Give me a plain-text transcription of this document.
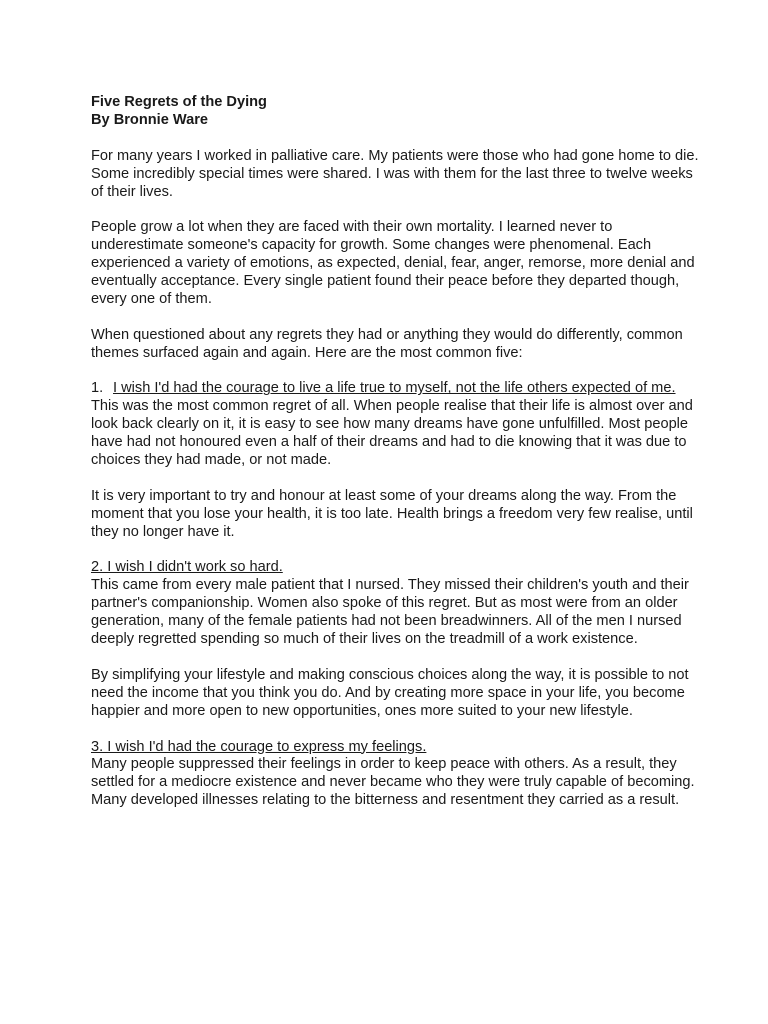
Five Regrets of the Dying

By Bronnie Ware

For many years I worked in palliative care. My patients were those who had gone home to die. Some incredibly special times were shared. I was with them for the last three to twelve weeks of their lives.

People grow a lot when they are faced with their own mortality. I learned never to underestimate someone's capacity for growth. Some changes were phenomenal. Each experienced a variety of emotions, as expected, denial, fear, anger, remorse, more denial and eventually acceptance. Every single patient found their peace before they departed though, every one of them.

When questioned about any regrets they had or anything they would do differently, common themes surfaced again and again. Here are the most common five:

1. I wish I'd had the courage to live a life true to myself, not the life others expected of me.

This was the most common regret of all. When people realise that their life is almost over and look back clearly on it, it is easy to see how many dreams have gone unfulfilled. Most people have had not honoured even a half of their dreams and had to die knowing that it was due to choices they had made, or not made.

It is very important to try and honour at least some of your dreams along the way. From the moment that you lose your health, it is too late. Health brings a freedom very few realise, until they no longer have it.

2. I wish I didn't work so hard.

This came from every male patient that I nursed. They missed their children's youth and their partner's companionship. Women also spoke of this regret. But as most were from an older generation, many of the female patients had not been breadwinners. All of the men I nursed deeply regretted spending so much of their lives on the treadmill of a work existence.

By simplifying your lifestyle and making conscious choices along the way, it is possible to not need the income that you think you do. And by creating more space in your life, you become happier and more open to new opportunities, ones more suited to your new lifestyle.

3. I wish I'd had the courage to express my feelings.

Many people suppressed their feelings in order to keep peace with others. As a result, they settled for a mediocre existence and never became who they were truly capable of becoming. Many developed illnesses relating to the bitterness and resentment they carried as a result.
